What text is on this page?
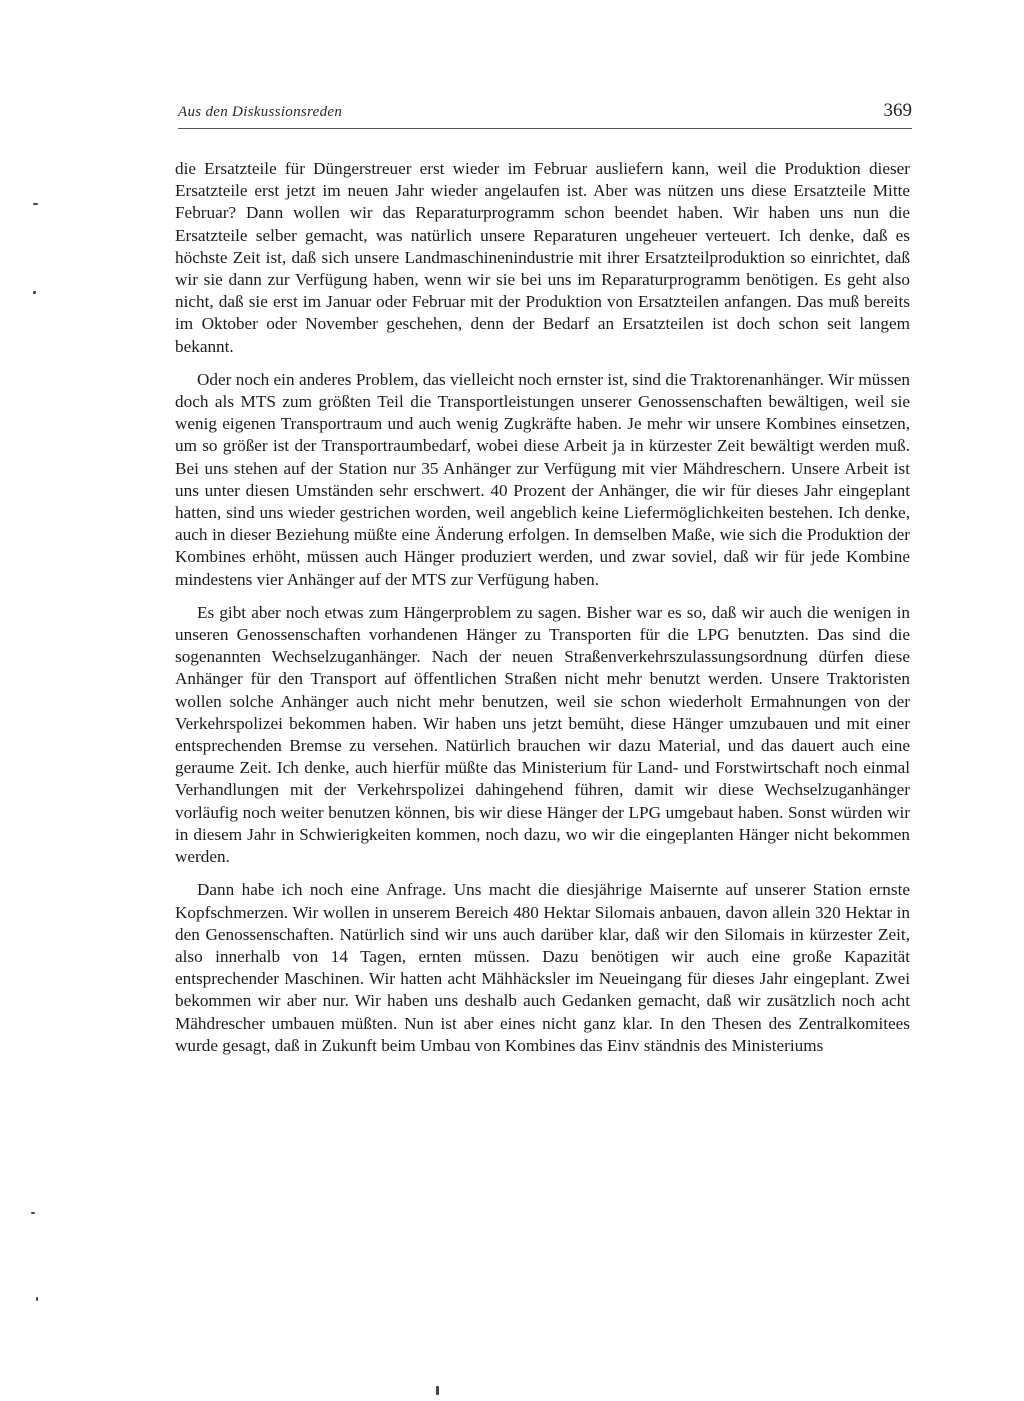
Aus den Diskussionsreden	369

die Ersatzteile für Düngerstreuer erst wieder im Februar ausliefern kann, weil die Produktion dieser Ersatzteile erst jetzt im neuen Jahr wieder angelaufen ist. Aber was nützen uns diese Ersatzteile Mitte Februar? Dann wollen wir das Reparaturprogramm schon beendet haben. Wir haben uns nun die Ersatzteile selber gemacht, was natürlich unsere Reparaturen ungeheuer verteuert. Ich denke, daß es höchste Zeit ist, daß sich unsere Landmaschinenindustrie mit ihrer Ersatzteilproduktion so einrichtet, daß wir sie dann zur Verfügung haben, wenn wir sie bei uns im Reparaturprogramm benötigen. Es geht also nicht, daß sie erst im Januar oder Februar mit der Produktion von Ersatzteilen anfangen. Das muß bereits im Oktober oder November geschehen, denn der Bedarf an Ersatzteilen ist doch schon seit langem bekannt.

Oder noch ein anderes Problem, das vielleicht noch ernster ist, sind die Traktorenanhänger. Wir müssen doch als MTS zum größten Teil die Transportleistungen unserer Genossenschaften bewältigen, weil sie wenig eigenen Transportraum und auch wenig Zugkräfte haben. Je mehr wir unsere Kombines einsetzen, um so größer ist der Transportraumbedarf, wobei diese Arbeit ja in kürzester Zeit bewältigt werden muß. Bei uns stehen auf der Station nur 35 Anhänger zur Verfügung mit vier Mähdreschern. Unsere Arbeit ist uns unter diesen Umständen sehr erschwert. 40 Prozent der Anhänger, die wir für dieses Jahr eingeplant hatten, sind uns wieder gestrichen worden, weil angeblich keine Liefermöglichkeiten bestehen. Ich denke, auch in dieser Beziehung müßte eine Änderung erfolgen. In demselben Maße, wie sich die Produktion der Kombines erhöht, müssen auch Hänger produziert werden, und zwar soviel, daß wir für jede Kombine mindestens vier Anhänger auf der MTS zur Verfügung haben.

Es gibt aber noch etwas zum Hängerproblem zu sagen. Bisher war es so, daß wir auch die wenigen in unseren Genossenschaften vorhandenen Hänger zu Transporten für die LPG benutzten. Das sind die sogenannten Wechselzuganhänger. Nach der neuen Straßenverkehrszulassungsordnung dürfen diese Anhänger für den Transport auf öffentlichen Straßen nicht mehr benutzt werden. Unsere Traktoristen wollen solche Anhänger auch nicht mehr benutzen, weil sie schon wiederholt Ermahnungen von der Verkehrspolizei bekommen haben. Wir haben uns jetzt bemüht, diese Hänger umzubauen und mit einer entsprechenden Bremse zu versehen. Natürlich brauchen wir dazu Material, und das dauert auch eine geraume Zeit. Ich denke, auch hierfür müßte das Ministerium für Land- und Forstwirtschaft noch einmal Verhandlungen mit der Verkehrspolizei dahingehend führen, damit wir diese Wechselzuganhänger vorläufig noch weiter benutzen können, bis wir diese Hänger der LPG umgebaut haben. Sonst würden wir in diesem Jahr in Schwierigkeiten kommen, noch dazu, wo wir die eingeplanten Hänger nicht bekommen werden.

Dann habe ich noch eine Anfrage. Uns macht die diesjährige Maisernte auf unserer Station ernste Kopfschmerzen. Wir wollen in unserem Bereich 480 Hektar Silomais anbauen, davon allein 320 Hektar in den Genossenschaften. Natürlich sind wir uns auch darüber klar, daß wir den Silomais in kürzester Zeit, also innerhalb von 14 Tagen, ernten müssen. Dazu benötigen wir auch eine große Kapazität entsprechender Maschinen. Wir hatten acht Mähhäcksler im Neueingang für dieses Jahr eingeplant. Zwei bekommen wir aber nur. Wir haben uns deshalb auch Gedanken gemacht, daß wir zusätzlich noch acht Mähdrescher umbauen müßten. Nun ist aber eines nicht ganz klar. In den Thesen des Zentralkomitees wurde gesagt, daß in Zukunft beim Umbau von Kombines das Einv ständnis des Ministeriums
